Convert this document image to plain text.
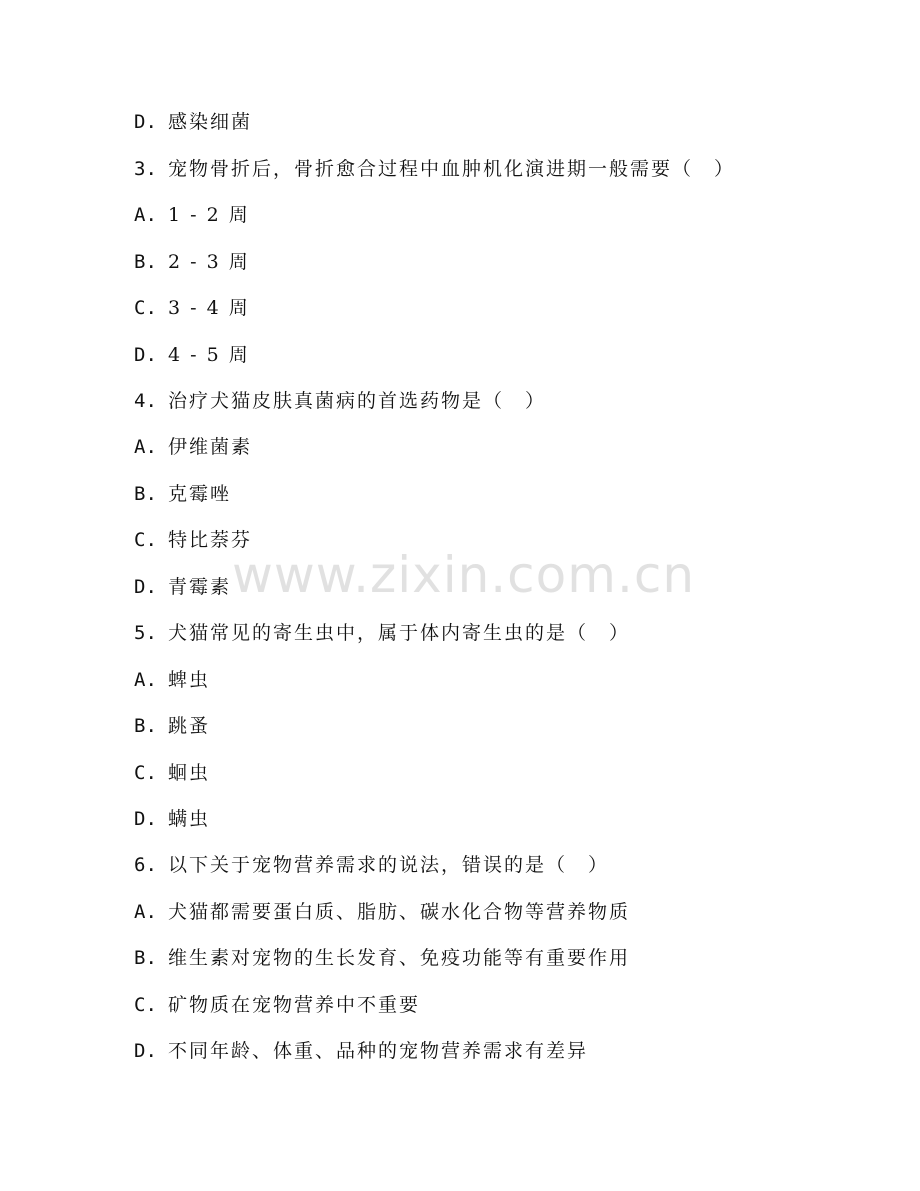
D. 感染细菌
3. 宠物骨折后，骨折愈合过程中血肿机化演进期一般需要（　）
A. 1 - 2 周
B. 2 - 3 周
C. 3 - 4 周
D. 4 - 5 周
4. 治疗犬猫皮肤真菌病的首选药物是（　）
A. 伊维菌素
B. 克霉唑
C. 特比萘芬
D. 青霉素
5. 犬猫常见的寄生虫中，属于体内寄生虫的是（　）
A. 蜱虫
B. 跳蚤
C. 蛔虫
D. 螨虫
6. 以下关于宠物营养需求的说法，错误的是（　）
A. 犬猫都需要蛋白质、脂肪、碳水化合物等营养物质
B. 维生素对宠物的生长发育、免疫功能等有重要作用
C. 矿物质在宠物营养中不重要
D. 不同年龄、体重、品种的宠物营养需求有差异
www.zixin.com.cn
